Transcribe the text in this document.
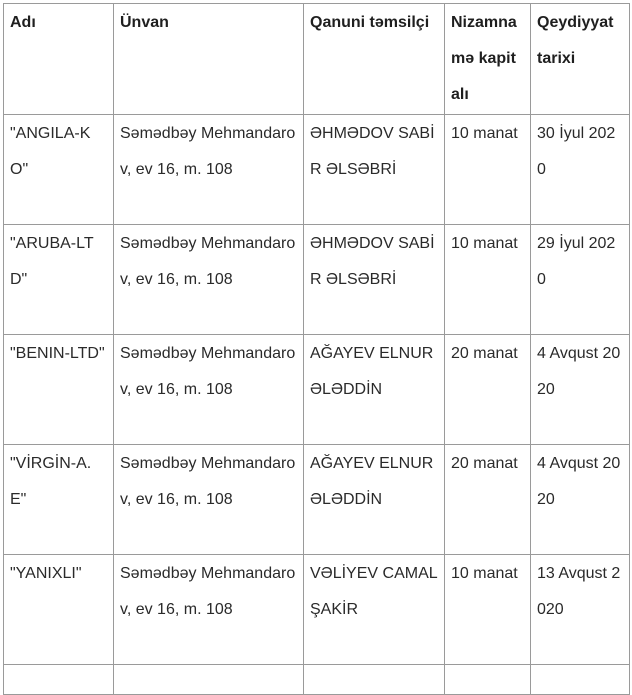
Adı	Ünvan	Qanuni təmsilçi	Nizamnamə kapitalı	Qeydiyyat tarixi
"ANGILA-KO"	Səmədbəy Mehmandarov, ev 16, m. 108	ƏHMƏDOV SABİR ƏLSƏBRİ	10 manat	30 İyul 2020
"ARUBA-LTD"	Səmədbəy Mehmandarov, ev 16, m. 108	ƏHMƏDOV SABİR ƏLSƏBRİ	10 manat	29 İyul 2020
"BENIN-LTD"	Səmədbəy Mehmandarov, ev 16, m. 108	AĞAYEV ELNUR ƏLƏDDİN	20 manat	4 Avqust 2020
"VİRGİN-A.E"	Səmədbəy Mehmandarov, ev 16, m. 108	AĞAYEV ELNUR ƏLƏDDİN	20 manat	4 Avqust 2020
"YANIXLI"	Səmədbəy Mehmandarov, ev 16, m. 108	VƏLİYEV CAMAL ŞAKİR	10 manat	13 Avqust 2020
